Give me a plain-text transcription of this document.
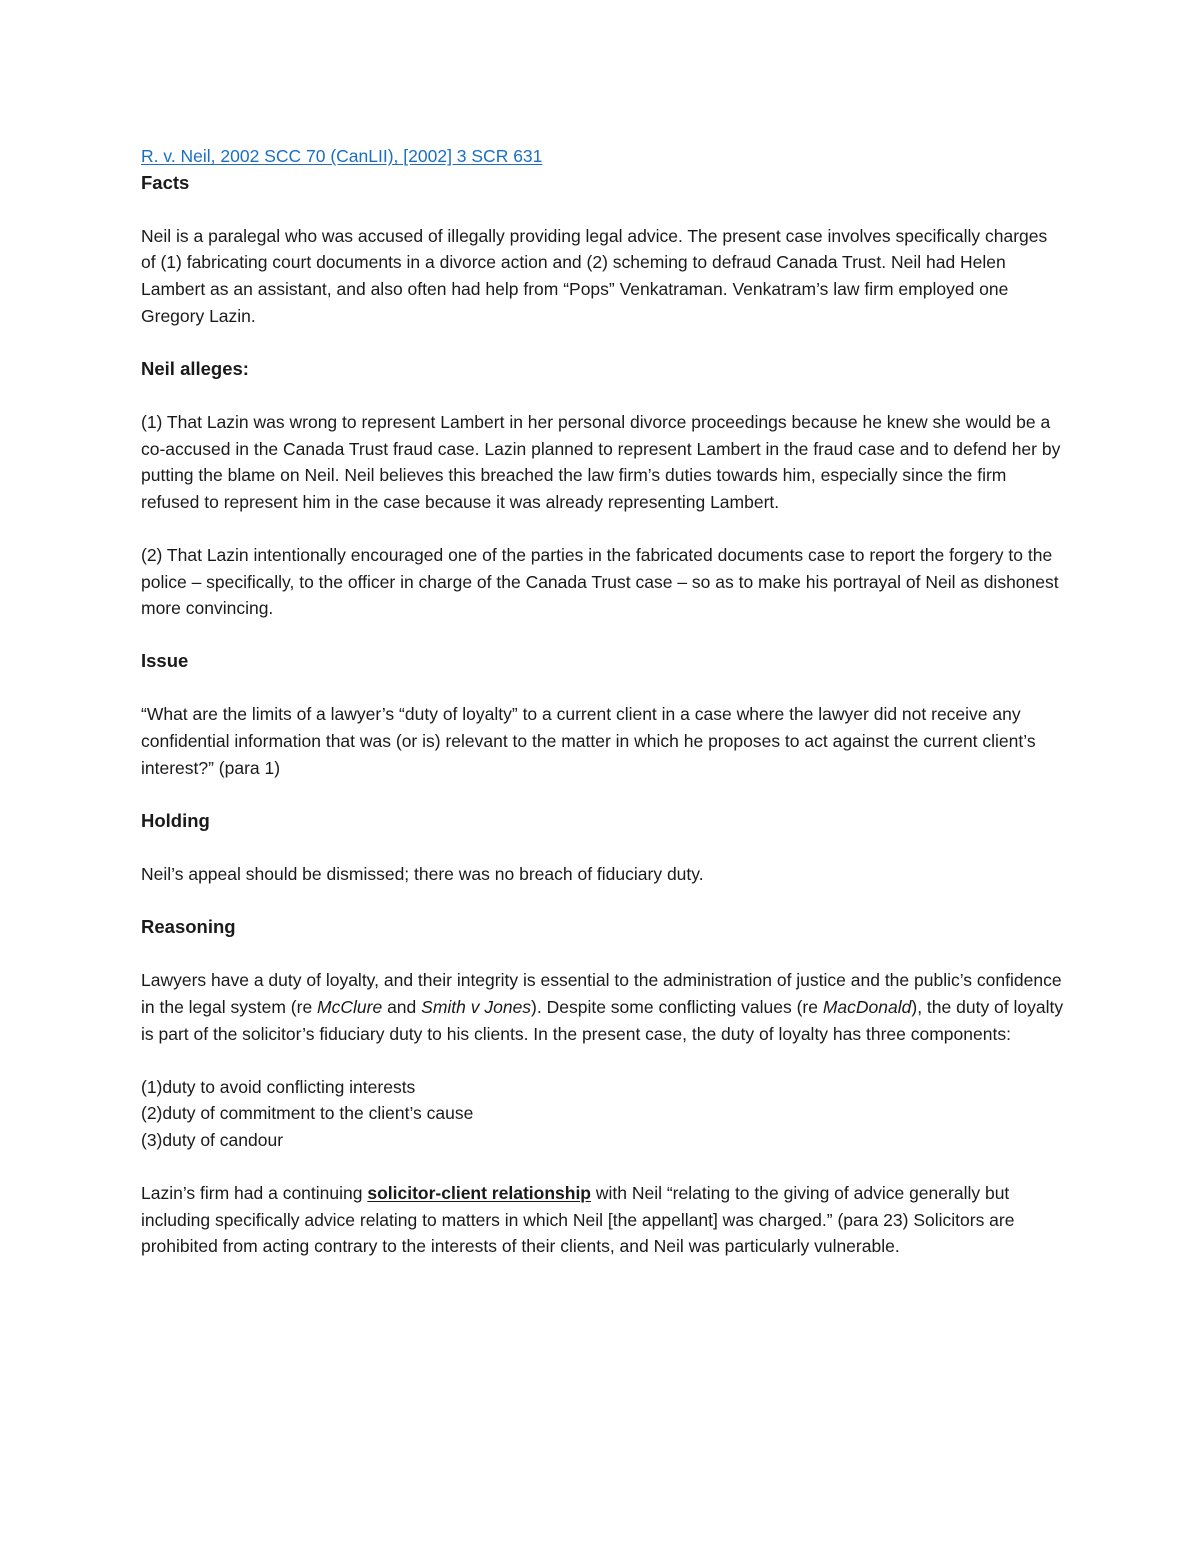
R. v. Neil, 2002 SCC 70 (CanLII), [2002] 3 SCR 631

Facts

Neil is a paralegal who was accused of illegally providing legal advice. The present case involves specifically charges of (1) fabricating court documents in a divorce action and (2) scheming to defraud Canada Trust. Neil had Helen Lambert as an assistant, and also often had help from “Pops” Venkatraman. Venkatram’s law firm employed one Gregory Lazin.

Neil alleges:

(1) That Lazin was wrong to represent Lambert in her personal divorce proceedings because he knew she would be a co-accused in the Canada Trust fraud case. Lazin planned to represent Lambert in the fraud case and to defend her by putting the blame on Neil. Neil believes this breached the law firm’s duties towards him, especially since the firm refused to represent him in the case because it was already representing Lambert.

(2) That Lazin intentionally encouraged one of the parties in the fabricated documents case to report the forgery to the police – specifically, to the officer in charge of the Canada Trust case – so as to make his portrayal of Neil as dishonest more convincing.

Issue

“What are the limits of a lawyer’s “duty of loyalty” to a current client in a case where the lawyer did not receive any confidential information that was (or is) relevant to the matter in which he proposes to act against the current client’s interest?” (para 1)

Holding

Neil’s appeal should be dismissed; there was no breach of fiduciary duty.

Reasoning

Lawyers have a duty of loyalty, and their integrity is essential to the administration of justice and the public’s confidence in the legal system (re McClure and Smith v Jones). Despite some conflicting values (re MacDonald), the duty of loyalty is part of the solicitor’s fiduciary duty to his clients. In the present case, the duty of loyalty has three components:

(1)duty to avoid conflicting interests

(2)duty of commitment to the client’s cause

(3)duty of candour

Lazin’s firm had a continuing solicitor-client relationship with Neil “relating to the giving of advice generally but including specifically advice relating to matters in which Neil [the appellant] was charged.” (para 23) Solicitors are prohibited from acting contrary to the interests of their clients, and Neil was particularly vulnerable.
